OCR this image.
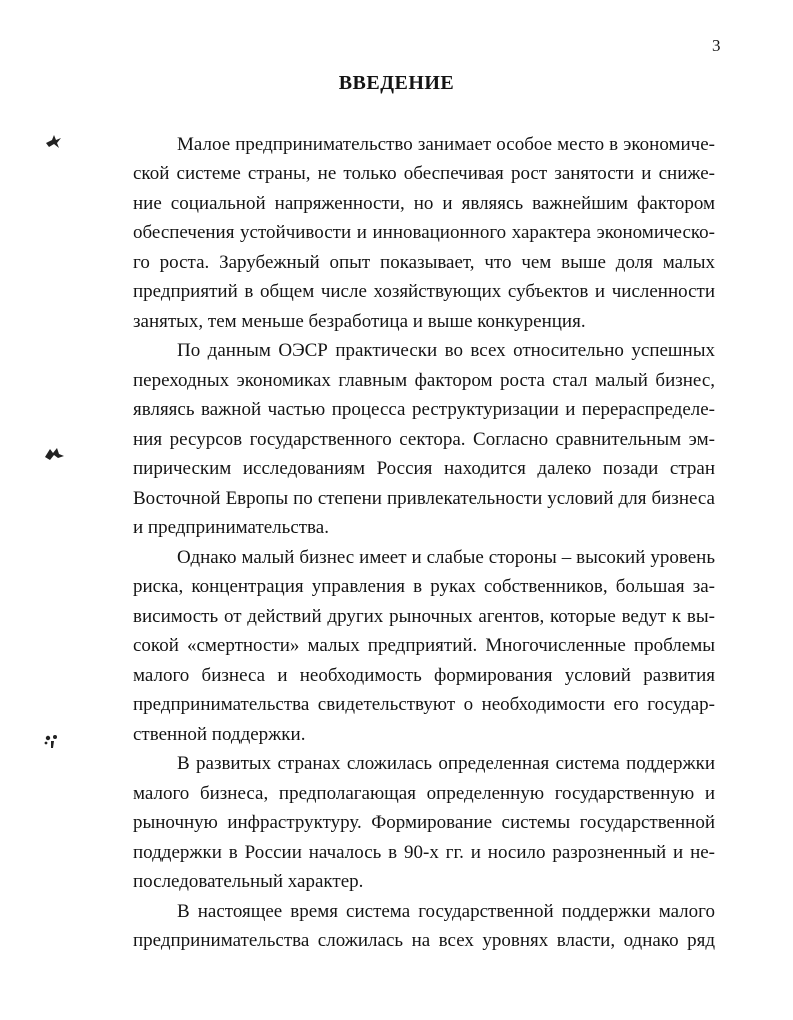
3
ВВЕДЕНИЕ
Малое предпринимательство занимает особое место в экономиче-
ской системе страны, не только обеспечивая рост занятости и сниже-
ние социальной напряженности, но и являясь важнейшим фактором
обеспечения устойчивости и инновационного характера экономическо-
го роста. Зарубежный опыт показывает, что чем выше доля малых
предприятий в общем числе хозяйствующих субъектов и численности
занятых, тем меньше безработица и выше конкуренция.
По данным ОЭСР практически во всех относительно успешных
переходных экономиках главным фактором роста стал малый бизнес,
являясь важной частью процесса реструктуризации и перераспределе-
ния ресурсов государственного сектора. Согласно сравнительным эм-
пирическим исследованиям Россия находится далеко позади стран
Восточной Европы по степени привлекательности условий для бизнеса
и предпринимательства.
Однако малый бизнес имеет и слабые стороны – высокий уровень
риска, концентрация управления в руках собственников, большая за-
висимость от действий других рыночных агентов, которые ведут к вы-
сокой «смертности» малых предприятий. Многочисленные проблемы
малого бизнеса и необходимость формирования условий развития
предпринимательства свидетельствуют о необходимости его государ-
ственной поддержки.
В развитых странах сложилась определенная система поддержки
малого бизнеса, предполагающая определенную государственную и
рыночную инфраструктуру. Формирование системы государственной
поддержки в России началось в 90-х гг. и носило разрозненный и не-
последовательный характер.
В настоящее время система государственной поддержки малого
предпринимательства сложилась на всех уровнях власти, однако ряд
